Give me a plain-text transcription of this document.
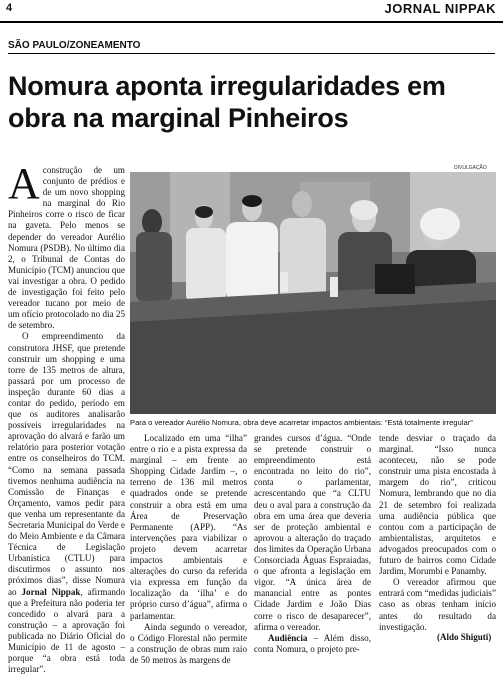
4	JORNAL NIPPAK
SÃO PAULO/ZONEAMENTO
Nomura aponta irregularidades em obra na marginal Pinheiros

Aconstrução de um conjunto de prédios e de um novo shopping na marginal do Rio Pinheiros corre o risco de ficar na gaveta. Pelo menos se depender do vereador Aurélio Nomura (PSDB). No último dia 2, o Tribunal de Contas do Município (TCM) anunciou que vai investigar a obra. O pedido de investigação foi feito pelo vereador tucano por meio de um ofício protocolado no dia 25 de setembro.

O empreendimento da construtora JHSF, que pretende construir um shopping e uma torre de 135 metros de altura, passará por um processo de inspeção durante 60 dias a contar do pedido, período em que os auditores analisarão possíveis irregularidades na aprovação do alvará e farão um relatório para posterior votação entre os conselheiros do TCM. “Como na semana passada tivemos nenhuma audiência na Comissão de Finanças e Orçamento, vamos pedir para que venha um representante da Secretaria Municipal do Verde e do Meio Ambiente e da Câmara Técnica de Legislação Urbanística (CTLU) para discutirmos o assunto nos próximos dias”, disse Nomura ao Jornal Nippak, afirmando que a Prefeitura não poderia ter concedido o alvará para a construção – a aprovação foi publicada no Diário Oficial do Município de 11 de agosto – porque “a obra está toda irregular”.

DIVULGAÇÃO
Para o vereador Aurélio Nomura, obra deve acarretar impactos ambientais: “Está totalmente irregular”

Localizado em uma “ilha” entre o rio e a pista expressa da marginal – em frente ao Shopping Cidade Jardim –, o terreno de 136 mil metros quadrados onde se pretende construir a obra está em uma Área de Preservação Permanente (APP). “As intervenções para viabilizar o projeto devem acarretar impactos ambientais e alterações do curso da referida via expressa em função da localização da ‘ilha’ e do próprio curso d’água”, afirma o parlamentar.

Ainda segundo o vereador, o Código Florestal não permite a construção de obras num raio de 50 metros às margens de

grandes cursos d’água. “Onde se pretende construir o empreendimento está encontrada no leito do rio”, conta o parlamentar, acrescentando que “a CLTU deu o aval para a construção da obra em uma área que deveria ser de proteção ambiental e aprovou a alteração do traçado dos limites da Operação Urbana Consorciada Águas Espraiadas, o que afronta a legislação em vigor. “A única área de manancial entre as pontes Cidade Jardim e João Dias corre o risco de desaparecer”, afirma o vereador.

Audiência – Além disso, conta Nomura, o projeto pre-

tende desviar o traçado da marginal. “Isso nunca aconteceu, não se pode construir uma pista encostada à margem do rio”, criticou Nomura, lembrando que no dia 21 de setembro foi realizada uma audiência pública que contou com a participação de ambientalistas, arquitetos e advogados preocupados com o futuro de bairros como Cidade Jardim, Morumbi e Panamby.

O vereador afirmou que entrará com “medidas judiciais” caso as obras tenham início antes do resultado da investigação.

(Aldo Shiguti)
